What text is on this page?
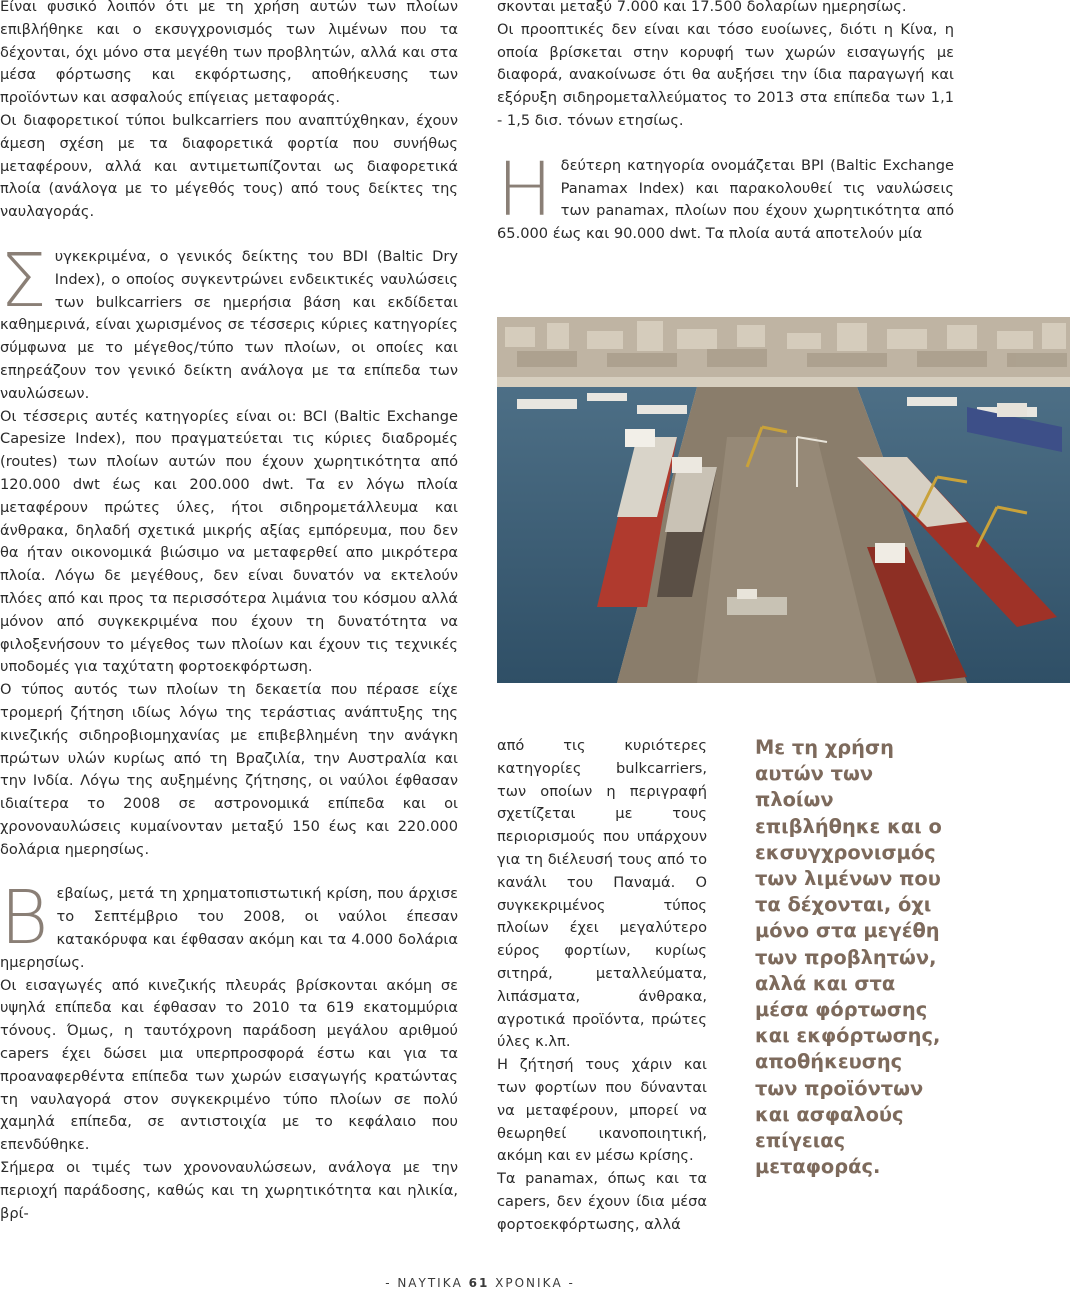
Είναι φυσικό λοιπόν ότι με τη χρήση αυτών των πλοίων επιβλήθηκε και ο εκσυγχρονισμός των λιμένων που τα δέχονται, όχι μόνο στα μεγέθη των προβλητών, αλλά και στα μέσα φόρτωσης και εκφόρτωσης, αποθήκευσης των προϊόντων και ασφαλούς επίγειας μεταφοράς.

Οι διαφορετικοί τύποι bulkcarriers που αναπτύχθηκαν, έχουν άμεση σχέση με τα διαφορετικά φορτία που συνήθως μεταφέρουν, αλλά και αντιμετωπίζονται ως διαφορετικά πλοία (ανάλογα με το μέγεθός τους) από τους δείκτες της ναυλαγοράς.

Συγκεκριμένα, ο γενικός δείκτης του BDI (Baltic Dry Index), ο οποίος συγκεντρώνει ενδεικτικές ναυλώσεις των bulkcarriers σε ημερήσια βάση και εκδίδεται καθημερινά, είναι χωρισμένος σε τέσσερις κύριες κατηγορίες σύμφωνα με το μέγεθος/τύπο των πλοίων, οι οποίες και επηρεάζουν τον γενικό δείκτη ανάλογα με τα επίπεδα των ναυλώσεων.

Οι τέσσερις αυτές κατηγορίες είναι οι: BCI (Baltic Exchange Capesize Index), που πραγματεύεται τις κύριες διαδρομές (routes) των πλοίων αυτών που έχουν χωρητικότητα από 120.000 dwt έως και 200.000 dwt. Τα εν λόγω πλοία μεταφέρουν πρώτες ύλες, ήτοι σιδηρομετάλλευμα και άνθρακα, δηλαδή σχετικά μικρής αξίας εμπόρευμα, που δεν θα ήταν οικονομικά βιώσιμο να μεταφερθεί απο μικρότερα πλοία. Λόγω δε μεγέθους, δεν είναι δυνατόν να εκτελούν πλόες από και προς τα περισσότερα λιμάνια του κόσμου αλλά μόνον από συγκεκριμένα που έχουν τη δυνατότητα να φιλοξενήσουν το μέγεθος των πλοίων και έχουν τις τεχνικές υποδομές για ταχύτατη φορτοεκφόρτωση.

Ο τύπος αυτός των πλοίων τη δεκαετία που πέρασε είχε τρομερή ζήτηση ιδίως λόγω της τεράστιας ανάπτυξης της κινεζικής σιδηροβιομηχανίας με επιβεβλημένη την ανάγκη πρώτων υλών κυρίως από τη Βραζιλία, την Αυστραλία και την Ινδία. Λόγω της αυξημένης ζήτησης, οι ναύλοι έφθασαν ιδιαίτερα το 2008 σε αστρονομικά επίπεδα και οι χρονοναυλώσεις κυμαίνονταν μεταξύ 150 έως και 220.000 δολάρια ημερησίως.

Βεβαίως, μετά τη χρηματοπιστωτική κρίση, που άρχισε το Σεπτέμβριο του 2008, οι ναύλοι έπεσαν κατακόρυφα και έφθασαν ακόμη και τα 4.000 δολάρια ημερησίως.

Οι εισαγωγές από κινεζικής πλευράς βρίσκονται ακόμη σε υψηλά επίπεδα και έφθασαν το 2010 τα 619 εκατομμύρια τόνους. Όμως, η ταυτόχρονη παράδοση μεγάλου αριθμού capers έχει δώσει μια υπερπροσφορά έστω και για τα προαναφερθέντα επίπεδα των χωρών εισαγωγής κρατώντας τη ναυλαγορά στον συγκεκριμένο τύπο πλοίων σε πολύ χαμηλά επίπεδα, σε αντιστοιχία με το κεφάλαιο που επενδύθηκε.

Σήμερα οι τιμές των χρονοναυλώσεων, ανάλογα με την περιοχή παράδοσης, καθώς και τη χωρητικότητα και ηλικία, βρί-

σκονται μεταξύ 7.000 και 17.500 δολαρίων ημερησίως.

Οι προοπτικές δεν είναι και τόσο ευοίωνες, διότι η Κίνα, η οποία βρίσκεται στην κορυφή των χωρών εισαγωγής με διαφορά, ανακοίνωσε ότι θα αυξήσει την ίδια παραγωγή και εξόρυξη σιδηρομεταλλεύματος το 2013 στα επίπεδα των 1,1 - 1,5 δισ. τόνων ετησίως.

Ηδεύτερη κατηγορία ονομάζεται BPI (Baltic Exchange Panamax Index) και παρακολουθεί τις ναυλώσεις των panamax, πλοίων που έχουν χωρητικότητα από 65.000 έως και 90.000 dwt. Τα πλοία αυτά αποτελούν μία

από τις κυριότερες κατηγορίες bulkcarriers, των οποίων η περιγραφή σχετίζεται με τους περιορισμούς που υπάρχουν για τη διέλευσή τους από το κανάλι του Παναμά. Ο συγκεκριμένος τύπος πλοίων έχει μεγαλύτερο εύρος φορτίων, κυρίως σιτηρά, μεταλλεύματα, λιπάσματα, άνθρακα, αγροτικά προϊόντα, πρώτες ύλες κ.λπ.

Η ζήτησή τους χάριν και των φορτίων που δύνανται να μεταφέρουν, μπορεί να θεωρηθεί ικανοποιητική, ακόμη και εν μέσω κρίσης.

Τα panamax, όπως και τα capers, δεν έχουν ίδια μέσα φορτοεκφόρτωσης, αλλά

Με τη χρήση αυτών των πλοίων επιβλήθηκε και ο εκσυγχρονισμός των λιμένων που τα δέχονται, όχι μόνο στα μεγέθη των προβλητών, αλλά και στα μέσα φόρτωσης και εκφόρτωσης, αποθήκευσης των προϊόντων και ασφαλούς επίγειας μεταφοράς.
- ΝΑΥΤΙΚΑ 61 ΧΡΟΝΙΚΑ -
